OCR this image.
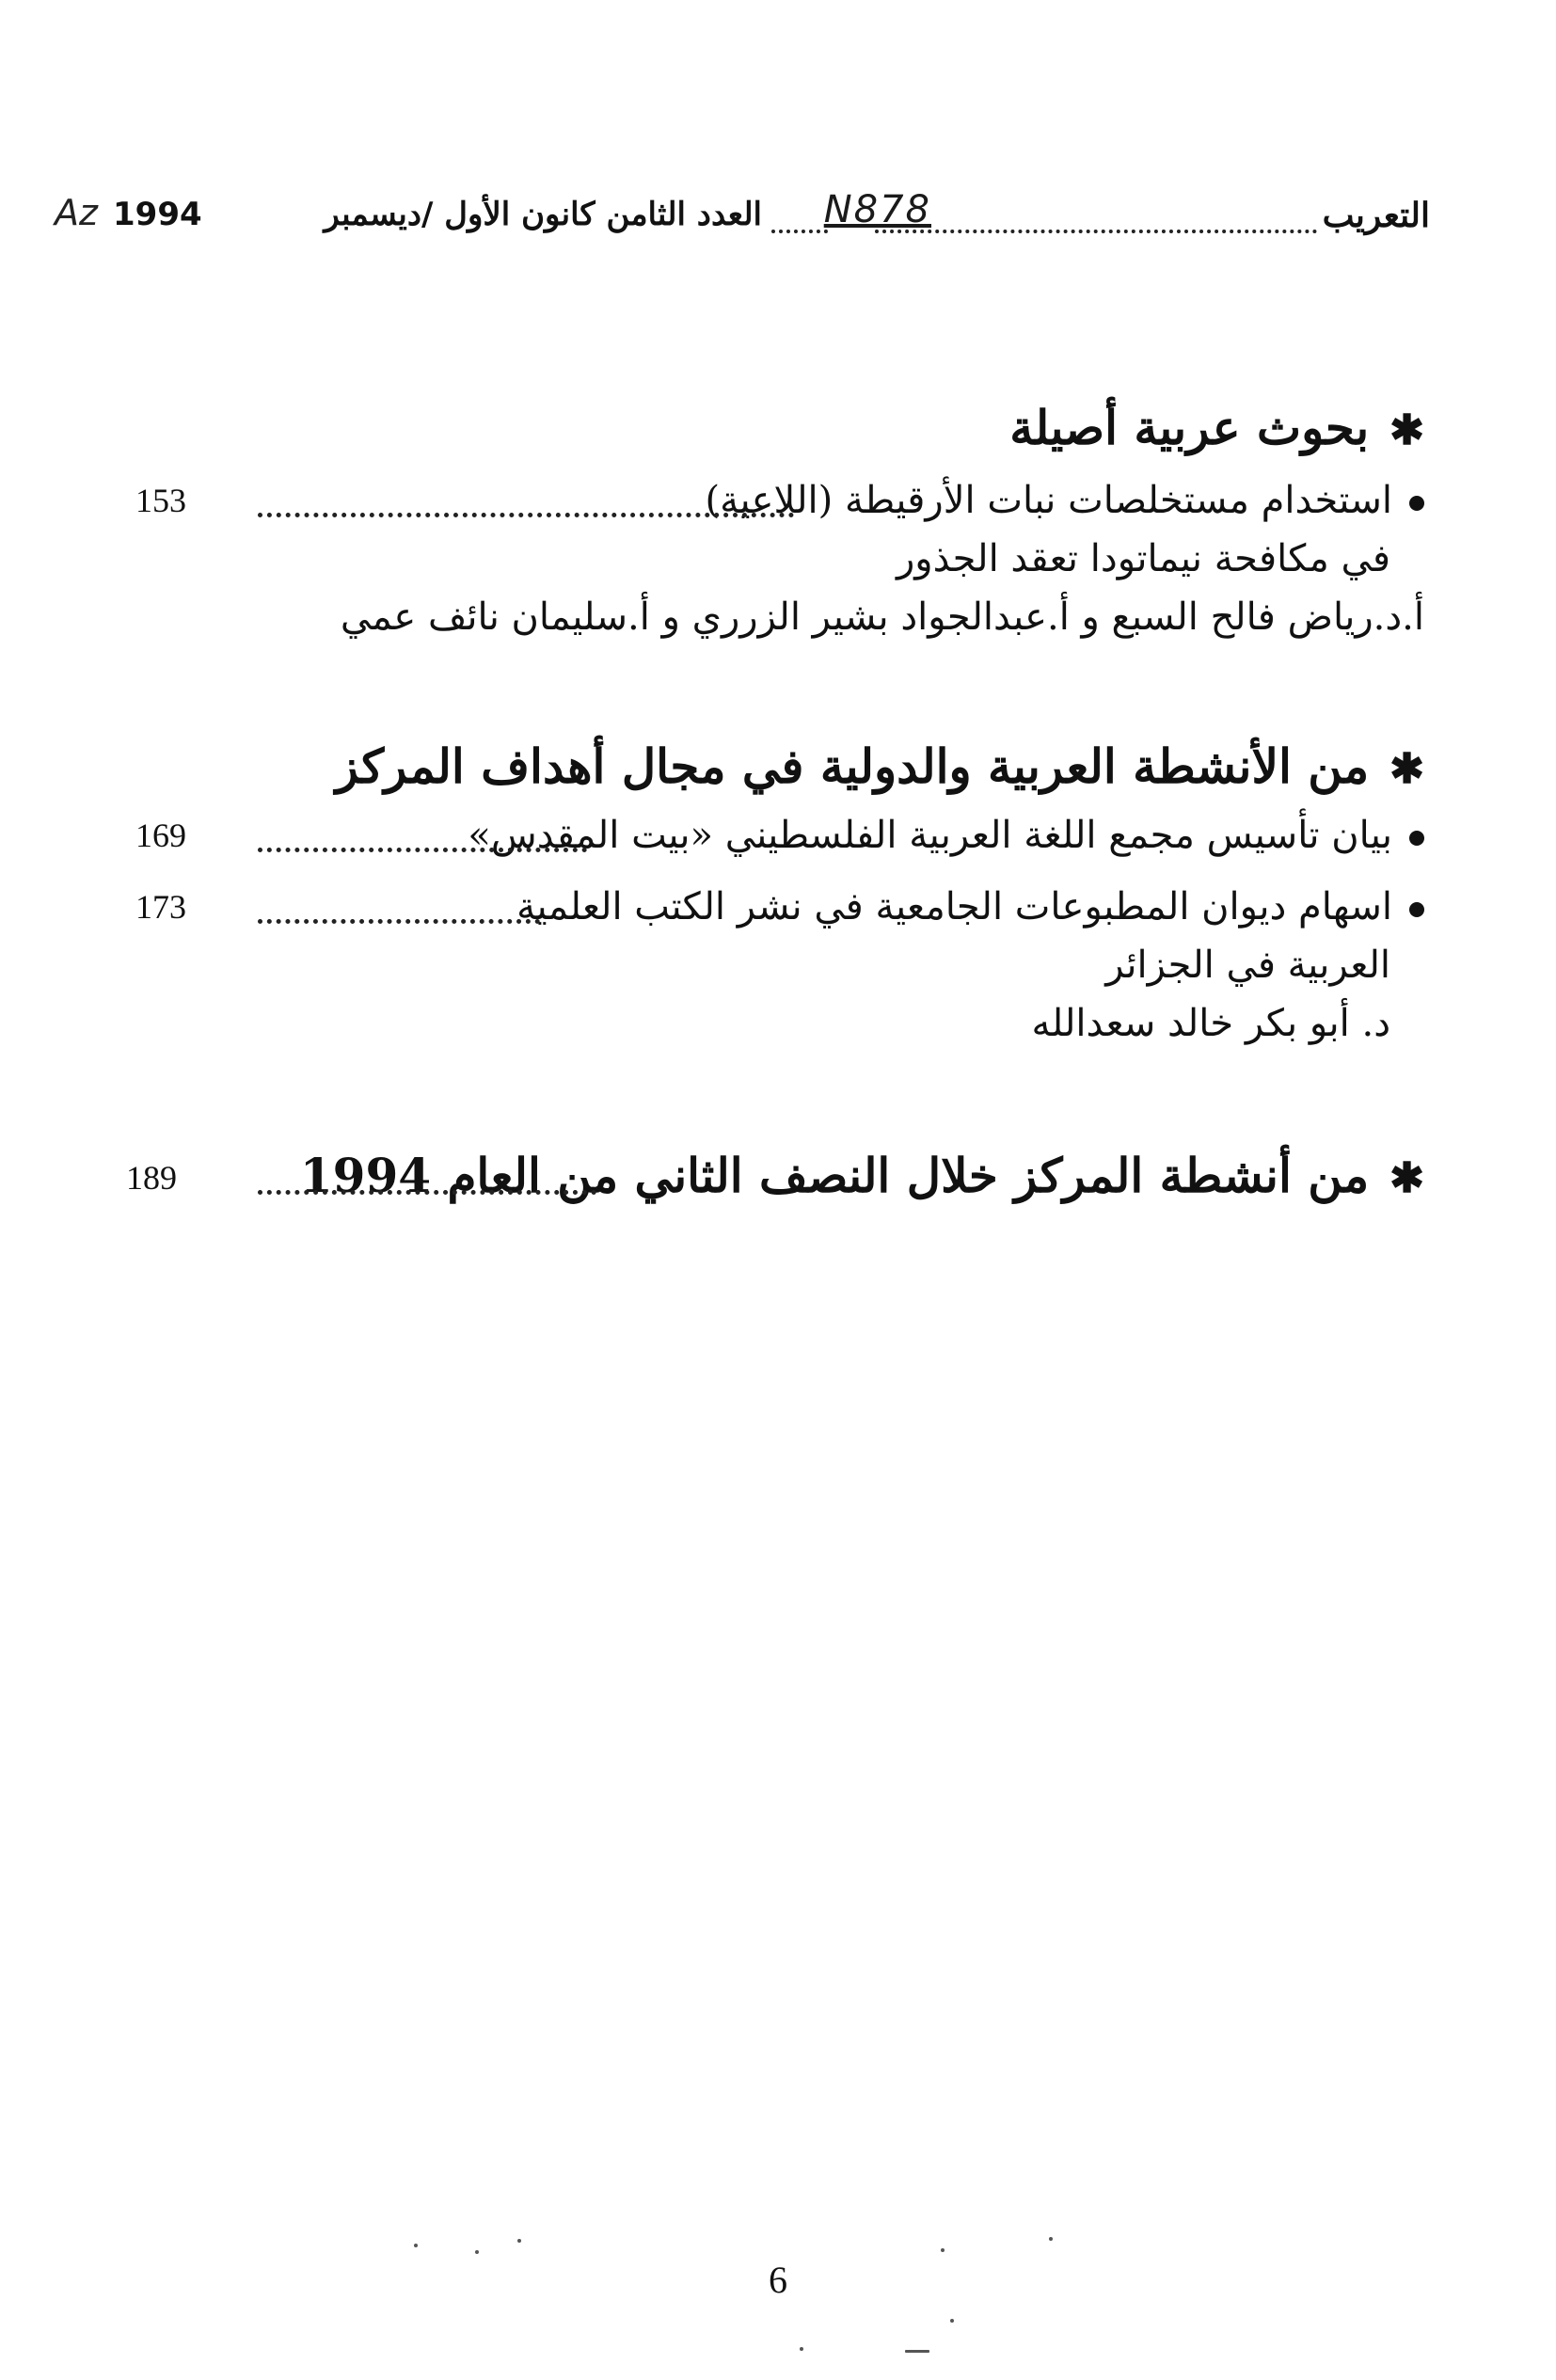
التعريب
N878
العدد الثامن كانون الأول /ديسمبر
1994
Az
✱بحوث عربية أصيلة
استخدام مستخلصات نبات الأرقيطة (اللاعية)
153
في مكافحة نيماتودا تعقد الجذور
أ.د.رياض فالح السبع و أ.عبدالجواد بشير الزرري و أ.سليمان نائف عمي
✱من الأنشطة العربية والدولية في مجال أهداف المركز
بيان تأسيس مجمع اللغة العربية الفلسطيني «بيت المقدس»
169
اسهام ديوان المطبوعات الجامعية في نشر الكتب العلمية
173
العربية في الجزائر
د. أبو بكر خالد سعدالله
✱من أنشطة المركز خلال النصف الثاني من العام 1994
189
6
